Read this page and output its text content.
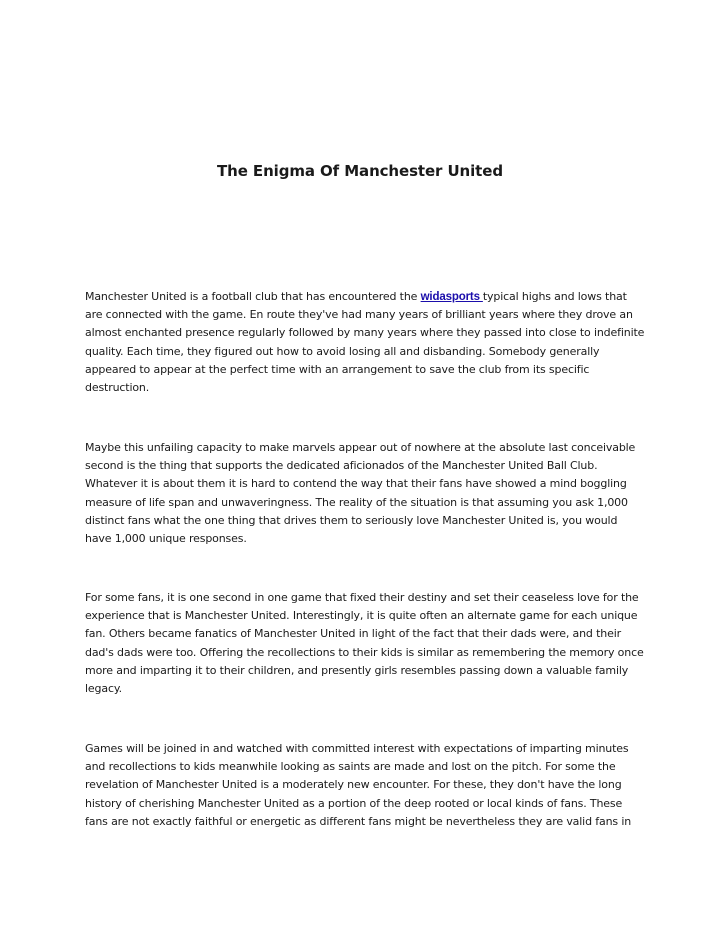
The Enigma Of Manchester United

Manchester United is a football club that has encountered the widasports typical highs and lows that are connected with the game. En route they've had many years of brilliant years where they drove an almost enchanted presence regularly followed by many years where they passed into close to indefinite quality. Each time, they figured out how to avoid losing all and disbanding. Somebody generally appeared to appear at the perfect time with an arrangement to save the club from its specific destruction.

Maybe this unfailing capacity to make marvels appear out of nowhere at the absolute last conceivable second is the thing that supports the dedicated aficionados of the Manchester United Ball Club. Whatever it is about them it is hard to contend the way that their fans have showed a mind boggling measure of life span and unwaveringness. The reality of the situation is that assuming you ask 1,000 distinct fans what the one thing that drives them to seriously love Manchester United is, you would have 1,000 unique responses.

For some fans, it is one second in one game that fixed their destiny and set their ceaseless love for the experience that is Manchester United. Interestingly, it is quite often an alternate game for each unique fan. Others became fanatics of Manchester United in light of the fact that their dads were, and their dad's dads were too. Offering the recollections to their kids is similar as remembering the memory once more and imparting it to their children, and presently girls resembles passing down a valuable family legacy.

Games will be joined in and watched with committed interest with expectations of imparting minutes and recollections to kids meanwhile looking as saints are made and lost on the pitch. For some the revelation of Manchester United is a moderately new encounter. For these, they don't have the long history of cherishing Manchester United as a portion of the deep rooted or local kinds of fans. These fans are not exactly faithful or energetic as different fans might be nevertheless they are valid fans in
